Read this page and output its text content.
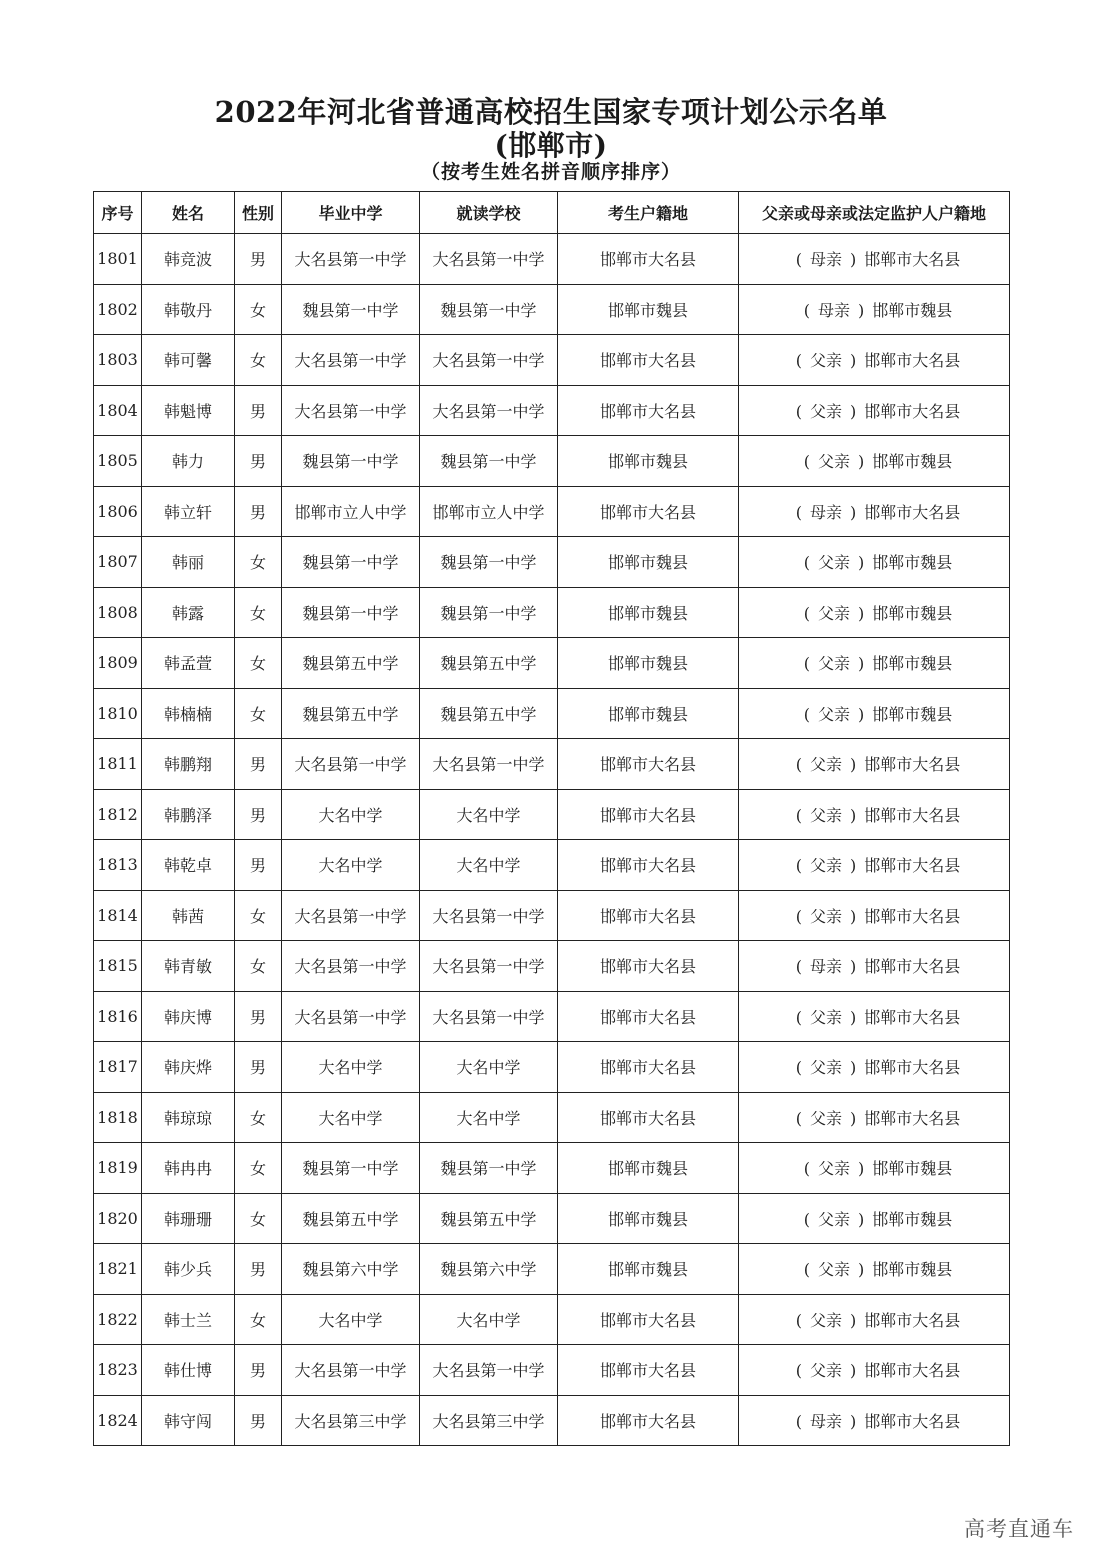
2022年河北省普通高校招生国家专项计划公示名单
(邯郸市)
（按考生姓名拼音顺序排序）
序号	姓名	性别	毕业中学	就读学校	考生户籍地	父亲或母亲或法定监护人户籍地
1801	韩竞波	男	大名县第一中学	大名县第一中学	邯郸市大名县	( 母亲 ) 邯郸市大名县
1802	韩敬丹	女	魏县第一中学	魏县第一中学	邯郸市魏县	( 母亲 ) 邯郸市魏县
1803	韩可馨	女	大名县第一中学	大名县第一中学	邯郸市大名县	( 父亲 ) 邯郸市大名县
1804	韩魁博	男	大名县第一中学	大名县第一中学	邯郸市大名县	( 父亲 ) 邯郸市大名县
1805	韩力	男	魏县第一中学	魏县第一中学	邯郸市魏县	( 父亲 ) 邯郸市魏县
1806	韩立轩	男	邯郸市立人中学	邯郸市立人中学	邯郸市大名县	( 母亲 ) 邯郸市大名县
1807	韩丽	女	魏县第一中学	魏县第一中学	邯郸市魏县	( 父亲 ) 邯郸市魏县
1808	韩露	女	魏县第一中学	魏县第一中学	邯郸市魏县	( 父亲 ) 邯郸市魏县
1809	韩孟萱	女	魏县第五中学	魏县第五中学	邯郸市魏县	( 父亲 ) 邯郸市魏县
1810	韩楠楠	女	魏县第五中学	魏县第五中学	邯郸市魏县	( 父亲 ) 邯郸市魏县
1811	韩鹏翔	男	大名县第一中学	大名县第一中学	邯郸市大名县	( 父亲 ) 邯郸市大名县
1812	韩鹏泽	男	大名中学	大名中学	邯郸市大名县	( 父亲 ) 邯郸市大名县
1813	韩乾卓	男	大名中学	大名中学	邯郸市大名县	( 父亲 ) 邯郸市大名县
1814	韩茜	女	大名县第一中学	大名县第一中学	邯郸市大名县	( 父亲 ) 邯郸市大名县
1815	韩青敏	女	大名县第一中学	大名县第一中学	邯郸市大名县	( 母亲 ) 邯郸市大名县
1816	韩庆博	男	大名县第一中学	大名县第一中学	邯郸市大名县	( 父亲 ) 邯郸市大名县
1817	韩庆烨	男	大名中学	大名中学	邯郸市大名县	( 父亲 ) 邯郸市大名县
1818	韩琼琼	女	大名中学	大名中学	邯郸市大名县	( 父亲 ) 邯郸市大名县
1819	韩冉冉	女	魏县第一中学	魏县第一中学	邯郸市魏县	( 父亲 ) 邯郸市魏县
1820	韩珊珊	女	魏县第五中学	魏县第五中学	邯郸市魏县	( 父亲 ) 邯郸市魏县
1821	韩少兵	男	魏县第六中学	魏县第六中学	邯郸市魏县	( 父亲 ) 邯郸市魏县
1822	韩士兰	女	大名中学	大名中学	邯郸市大名县	( 父亲 ) 邯郸市大名县
1823	韩仕博	男	大名县第一中学	大名县第一中学	邯郸市大名县	( 父亲 ) 邯郸市大名县
1824	韩守闯	男	大名县第三中学	大名县第三中学	邯郸市大名县	( 母亲 ) 邯郸市大名县
高考直通车
